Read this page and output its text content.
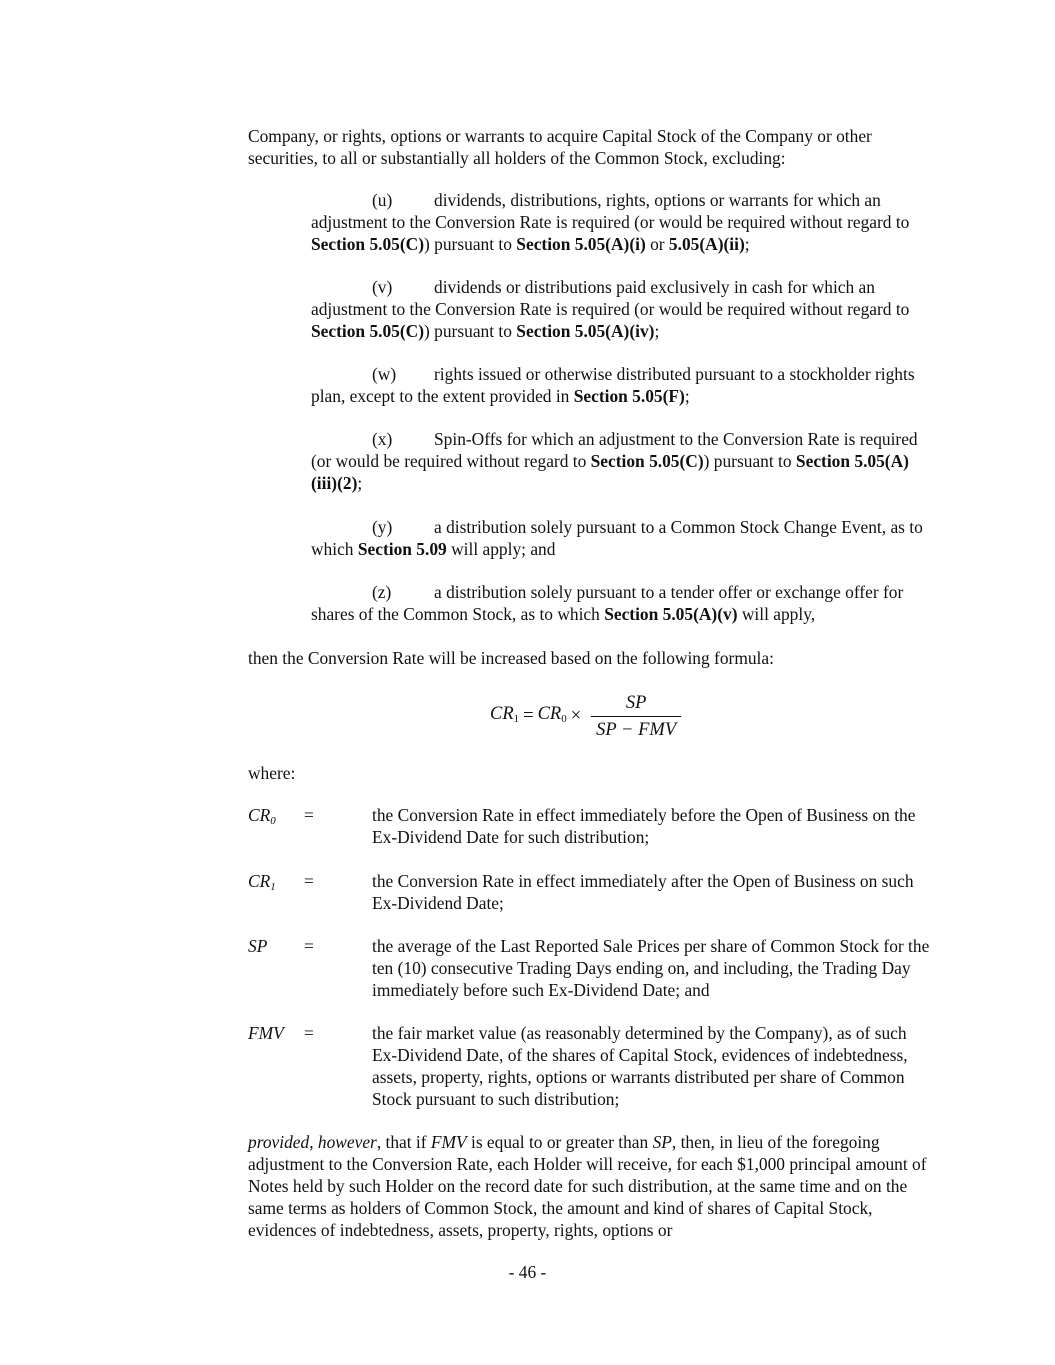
Company, or rights, options or warrants to acquire Capital Stock of the Company or other securities, to all or substantially all holders of the Common Stock, excluding:

(u) dividends, distributions, rights, options or warrants for which an adjustment to the Conversion Rate is required (or would be required without regard to Section 5.05(C)) pursuant to Section 5.05(A)(i) or 5.05(A)(ii);

(v) dividends or distributions paid exclusively in cash for which an adjustment to the Conversion Rate is required (or would be required without regard to Section 5.05(C)) pursuant to Section 5.05(A)(iv);

(w) rights issued or otherwise distributed pursuant to a stockholder rights plan, except to the extent provided in Section 5.05(F);

(x) Spin-Offs for which an adjustment to the Conversion Rate is required (or would be required without regard to Section 5.05(C)) pursuant to Section 5.05(A)(iii)(2);

(y) a distribution solely pursuant to a Common Stock Change Event, as to which Section 5.09 will apply; and

(z) a distribution solely pursuant to a tender offer or exchange offer for shares of the Common Stock, as to which Section 5.05(A)(v) will apply,

then the Conversion Rate will be increased based on the following formula:

$CR_1 = CR_0 \times \frac{SP}{\text{SP − FMV}}$

where:

$CR_0$ =	the Conversion Rate in effect immediately before the Open of Business on the Ex-Dividend Date for such distribution;
$CR_1$ =	the Conversion Rate in effect immediately after the Open of Business on such Ex-Dividend Date;
SP =	the average of the Last Reported Sale Prices per share of Common Stock for the ten (10) consecutive Trading Days ending on, and including, the Trading Day immediately before such Ex-Dividend Date; and
FMV =	the fair market value (as reasonably determined by the Company), as of such Ex-Dividend Date, of the shares of Capital Stock, evidences of indebtedness, assets, property, rights, options or warrants distributed per share of Common Stock pursuant to such distribution;

provided, however, that if FMV is equal to or greater than SP, then, in lieu of the foregoing adjustment to the Conversion Rate, each Holder will receive, for each $1,000 principal amount of Notes held by such Holder on the record date for such distribution, at the same time and on the same terms as holders of Common Stock, the amount and kind of shares of Capital Stock, evidences of indebtedness, assets, property, rights, options or

- 46 -
